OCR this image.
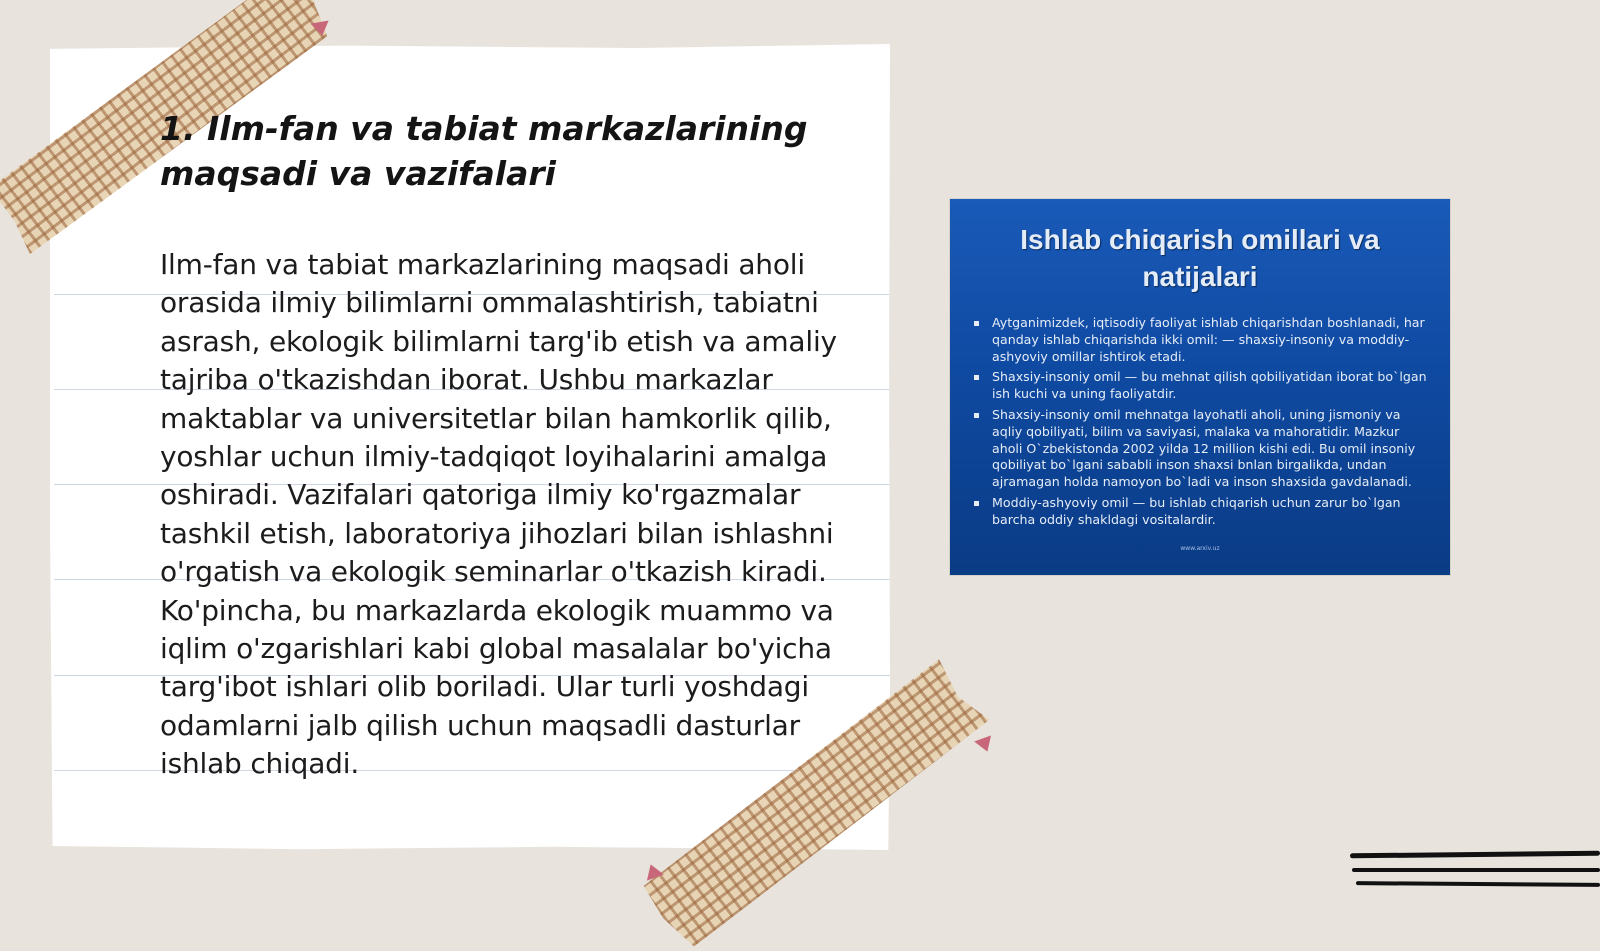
1. Ilm-fan va tabiat markazlarining maqsadi va vazifalari

Ilm-fan va tabiat markazlarining maqsadi aholi orasida ilmiy bilimlarni ommalashtirish, tabiatni asrash, ekologik bilimlarni targ'ib etish va amaliy tajriba o'tkazishdan iborat. Ushbu markazlar maktablar va universitetlar bilan hamkorlik qilib, yoshlar uchun ilmiy-tadqiqot loyihalarini amalga oshiradi. Vazifalari qatoriga ilmiy ko'rgazmalar tashkil etish, laboratoriya jihozlari bilan ishlashni o'rgatish va ekologik seminarlar o'tkazish kiradi. Ko'pincha, bu markazlarda ekologik muammo va iqlim o'zgarishlari kabi global masalalar bo'yicha targ'ibot ishlari olib boriladi. Ular turli yoshdagi odamlarni jalb qilish uchun maqsadli dasturlar ishlab chiqadi.

Ishlab chiqarish omillari va natijalari
Aytganimizdek, iqtisodiy faoliyat ishlab chiqarishdan boshlanadi, har qanday ishlab chiqarishda ikki omil: — shaxsiy-insoniy va moddiy-ashyoviy omillar ishtirok etadi.
Shaxsiy-insoniy omil — bu mehnat qilish qobiliyatidan iborat bo`lgan ish kuchi va uning faoliyatdir.
Shaxsiy-insoniy omil mehnatga layohatli aholi, uning jismoniy va aqliy qobiliyati, bilim va saviyasi, malaka va mahoratidir. Mazkur aholi O`zbekistonda 2002 yilda 12 million kishi edi. Bu omil insoniy qobiliyat bo`lgani sababli inson shaxsi bnlan birgalikda, undan ajramagan holda namoyon bo`ladi va inson shaxsida gavdalanadi.
Moddiy-ashyoviy omil — bu ishlab chiqarish uchun zarur bo`lgan barcha oddiy shakldagi vositalardir.
www.arxiv.uz
